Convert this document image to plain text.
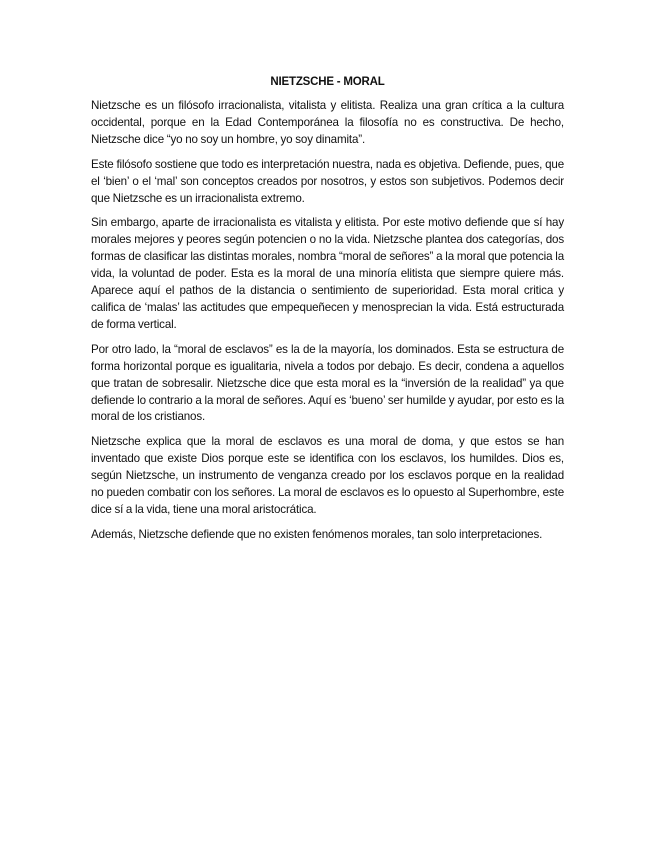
NIETZSCHE - MORAL

Nietzsche es un filósofo irracionalista, vitalista y elitista. Realiza una gran crítica a la cultura occidental, porque en la Edad Contemporánea la filosofía no es constructiva. De hecho, Nietzsche dice “yo no soy un hombre, yo soy dinamita”.

Este filósofo sostiene que todo es interpretación nuestra, nada es objetiva. Defiende, pues, que el ‘bien’ o el ‘mal’ son conceptos creados por nosotros, y estos son subjetivos. Podemos decir que Nietzsche es un irracionalista extremo.

Sin embargo, aparte de irracionalista es vitalista y elitista. Por este motivo defiende que sí hay morales mejores y peores según potencien o no la vida. Nietzsche plantea dos categorías, dos formas de clasificar las distintas morales, nombra “moral de señores” a la moral que potencia la vida, la voluntad de poder. Esta es la moral de una minoría elitista que siempre quiere más. Aparece aquí el pathos de la distancia o sentimiento de superioridad. Esta moral critica y califica de ‘malas’ las actitudes que empequeñecen y menosprecian la vida. Está estructurada de forma vertical.

Por otro lado, la “moral de esclavos” es la de la mayoría, los dominados. Esta se estructura de forma horizontal porque es igualitaria, nivela a todos por debajo. Es decir, condena a aquellos que tratan de sobresalir. Nietzsche dice que esta moral es la “inversión de la realidad” ya que defiende lo contrario a la moral de señores. Aquí es ‘bueno’ ser humilde y ayudar, por esto es la moral de los cristianos.

Nietzsche explica que la moral de esclavos es una moral de doma, y que estos se han inventado que existe Dios porque este se identifica con los esclavos, los humildes. Dios es, según Nietzsche, un instrumento de venganza creado por los esclavos porque en la realidad no pueden combatir con los señores. La moral de esclavos es lo opuesto al Superhombre, este dice sí a la vida, tiene una moral aristocrática.

Además, Nietzsche defiende que no existen fenómenos morales, tan solo interpretaciones.
